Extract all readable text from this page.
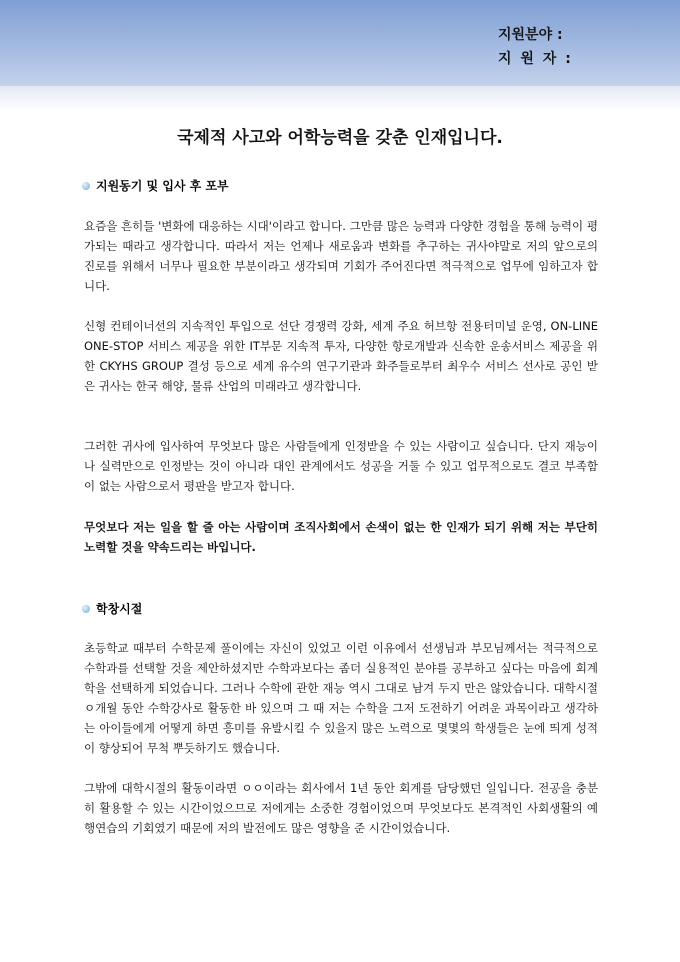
지원분야 :
지 원 자 :
국제적 사고와 어학능력을 갖춘 인재입니다.
지원동기 및 입사 후 포부
요즘을 흔히들 '변화에 대응하는 시대'이라고 합니다. 그만큼 많은 능력과 다양한 경험을 통해 능력이 평가되는 때라고 생각합니다. 따라서 저는 언제나 새로움과 변화를 추구하는 귀사야말로 저의 앞으로의 진로를 위해서 너무나 필요한 부분이라고 생각되며 기회가 주어진다면 적극적으로 업무에 임하고자 합니다.
신형 컨테이너선의 지속적인 투입으로 선단 경쟁력 강화, 세계 주요 허브항 전용터미널 운영, ON-LINE ONE-STOP 서비스 제공을 위한 IT부문 지속적 투자, 다양한 항로개발과 신속한 운송서비스 제공을 위한 CKYHS GROUP 결성 등으로 세계 유수의 연구기관과 화주들로부터 최우수 서비스 선사로 공인 받은 귀사는 한국 해양, 물류 산업의 미래라고 생각합니다.
그러한 귀사에 입사하여 무엇보다 많은 사람들에게 인정받을 수 있는 사람이고 싶습니다. 단지 재능이나 실력만으로 인정받는 것이 아니라 대인 관계에서도 성공을 거둘 수 있고 업무적으로도 결코 부족함이 없는 사람으로서 평판을 받고자 합니다.
무엇보다 저는 일을 할 줄 아는 사람이며 조직사회에서 손색이 없는 한 인재가 되기 위해 저는 부단히 노력할 것을 약속드리는 바입니다.
학창시절
초등학교 때부터 수학문제 풀이에는 자신이 있었고 이런 이유에서 선생님과 부모님께서는 적극적으로 수학과를 선택할 것을 제안하셨지만 수학과보다는 좀더 실용적인 분야를 공부하고 싶다는 마음에 회계학을 선택하게 되었습니다. 그러나 수학에 관한 재능 역시 그대로 남겨 두지 만은 않았습니다. 대학시절 ㅇ개월 동안 수학강사로 활동한 바 있으며 그 때 저는 수학을 그저 도전하기 어려운 과목이라고 생각하는 아이들에게 어떻게 하면 흥미를 유발시킬 수 있을지 많은 노력으로 몇몇의 학생들은 눈에 띄게 성적이 향상되어 무척 뿌듯하기도 했습니다.
그밖에 대학시절의 활동이라면 ㅇㅇ이라는 회사에서 1년 동안 회계를 담당했던 일입니다. 전공을 충분히 활용할 수 있는 시간이었으므로 저에게는 소중한 경험이었으며 무엇보다도 본격적인 사회생활의 예행연습의 기회였기 때문에 저의 발전에도 많은 영향을 준 시간이었습니다.
